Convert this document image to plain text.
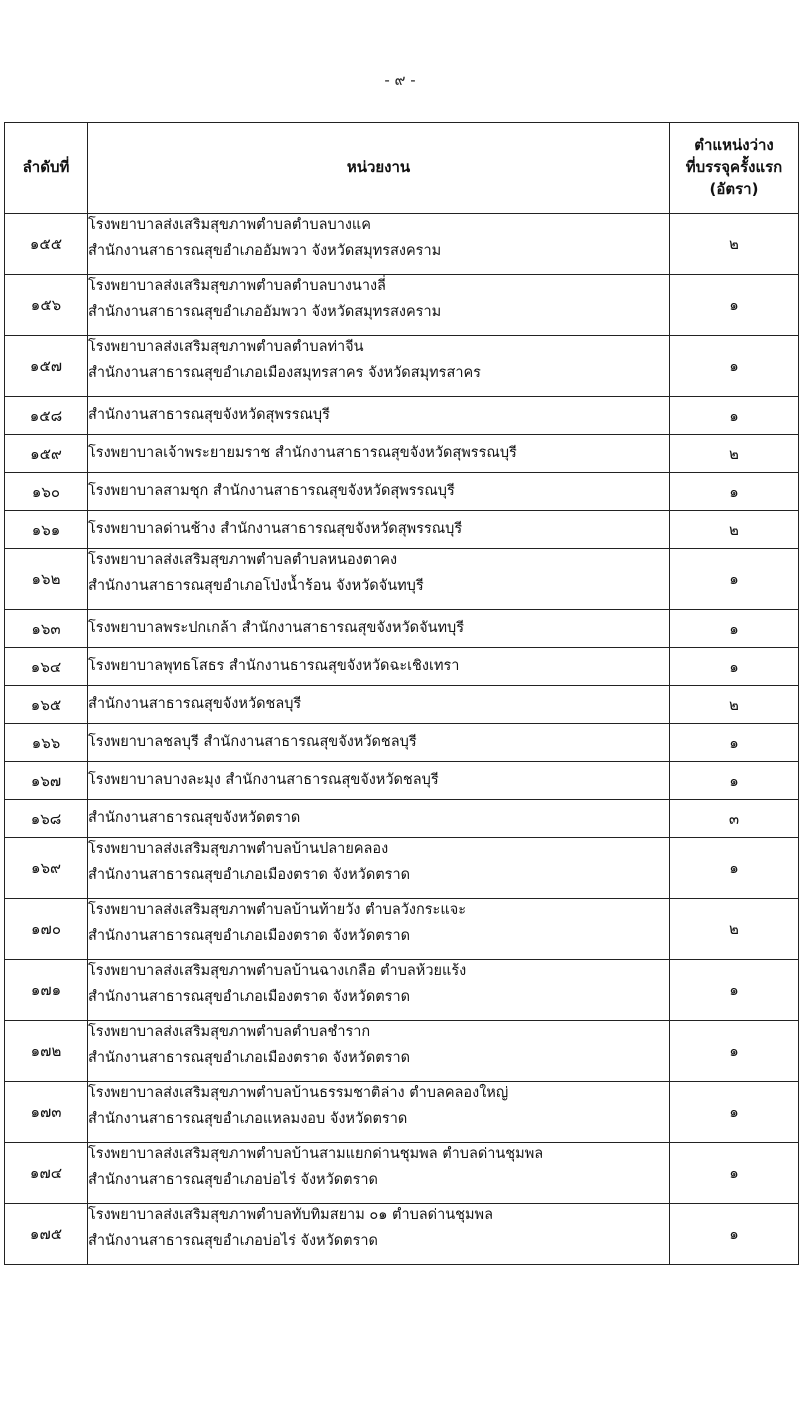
- ๙ -
ลำดับที่	หน่วยงาน	ตำแหน่งว่าง
ที่บรรจุครั้งแรก
(อัตรา)
๑๕๕	โรงพยาบาลส่งเสริมสุขภาพตำบลตำบลบางแค
สำนักงานสาธารณสุขอำเภออัมพวา จังหวัดสมุทรสงคราม	๒
๑๕๖	โรงพยาบาลส่งเสริมสุขภาพตำบลตำบลบางนางลี่
สำนักงานสาธารณสุขอำเภออัมพวา จังหวัดสมุทรสงคราม	๑
๑๕๗	โรงพยาบาลส่งเสริมสุขภาพตำบลตำบลท่าจีน
สำนักงานสาธารณสุขอำเภอเมืองสมุทรสาคร จังหวัดสมุทรสาคร	๑
๑๕๘	สำนักงานสาธารณสุขจังหวัดสุพรรณบุรี	๑
๑๕๙	โรงพยาบาลเจ้าพระยายมราช สำนักงานสาธารณสุขจังหวัดสุพรรณบุรี	๒
๑๖๐	โรงพยาบาลสามชุก สำนักงานสาธารณสุขจังหวัดสุพรรณบุรี	๑
๑๖๑	โรงพยาบาลด่านช้าง สำนักงานสาธารณสุขจังหวัดสุพรรณบุรี	๒
๑๖๒	โรงพยาบาลส่งเสริมสุขภาพตำบลตำบลหนองตาคง
สำนักงานสาธารณสุขอำเภอโป่งน้ำร้อน จังหวัดจันทบุรี	๑
๑๖๓	โรงพยาบาลพระปกเกล้า สำนักงานสาธารณสุขจังหวัดจันทบุรี	๑
๑๖๔	โรงพยาบาลพุทธโสธร สำนักงานธารณสุขจังหวัดฉะเชิงเทรา	๑
๑๖๕	สำนักงานสาธารณสุขจังหวัดชลบุรี	๒
๑๖๖	โรงพยาบาลชลบุรี สำนักงานสาธารณสุขจังหวัดชลบุรี	๑
๑๖๗	โรงพยาบาลบางละมุง สำนักงานสาธารณสุขจังหวัดชลบุรี	๑
๑๖๘	สำนักงานสาธารณสุขจังหวัดตราด	๓
๑๖๙	โรงพยาบาลส่งเสริมสุขภาพตำบลบ้านปลายคลอง
สำนักงานสาธารณสุขอำเภอเมืองตราด จังหวัดตราด	๑
๑๗๐	โรงพยาบาลส่งเสริมสุขภาพตำบลบ้านท้ายวัง ตำบลวังกระแจะ
สำนักงานสาธารณสุขอำเภอเมืองตราด จังหวัดตราด	๒
๑๗๑	โรงพยาบาลส่งเสริมสุขภาพตำบลบ้านฉางเกลือ ตำบลห้วยแร้ง
สำนักงานสาธารณสุขอำเภอเมืองตราด จังหวัดตราด	๑
๑๗๒	โรงพยาบาลส่งเสริมสุขภาพตำบลตำบลชำราก
สำนักงานสาธารณสุขอำเภอเมืองตราด จังหวัดตราด	๑
๑๗๓	โรงพยาบาลส่งเสริมสุขภาพตำบลบ้านธรรมชาติล่าง ตำบลคลองใหญ่
สำนักงานสาธารณสุขอำเภอแหลมงอบ จังหวัดตราด	๑
๑๗๔	โรงพยาบาลส่งเสริมสุขภาพตำบลบ้านสามแยกด่านชุมพล ตำบลด่านชุมพล
สำนักงานสาธารณสุขอำเภอบ่อไร่ จังหวัดตราด	๑
๑๗๕	โรงพยาบาลส่งเสริมสุขภาพตำบลทับทิมสยาม ๐๑ ตำบลด่านชุมพล
สำนักงานสาธารณสุขอำเภอบ่อไร่ จังหวัดตราด	๑
